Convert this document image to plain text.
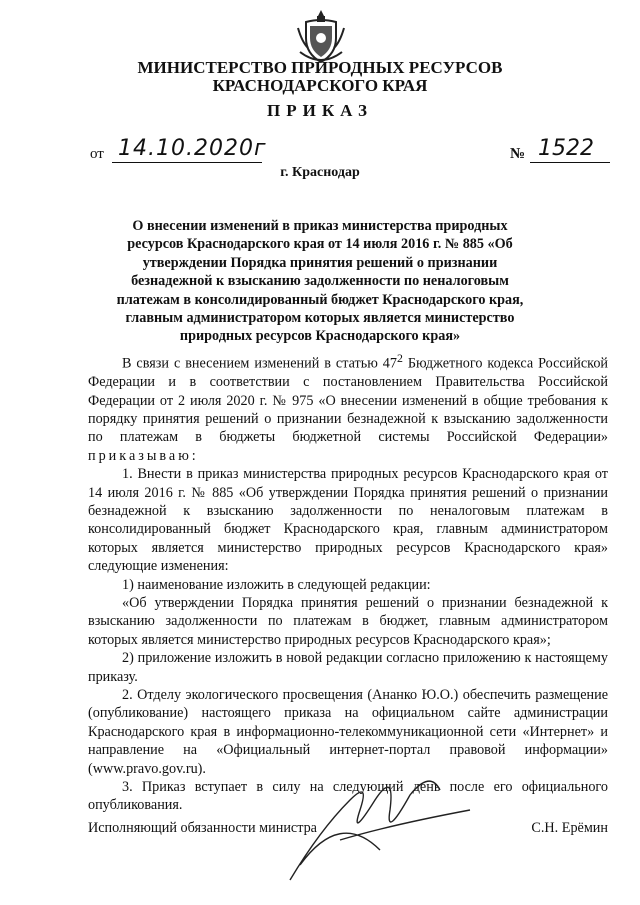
МИНИСТЕРСТВО ПРИРОДНЫХ РЕСУРСОВ
КРАСНОДАРСКОГО КРАЯ
ПРИКАЗ
от 14.10.2020г	№ 1522
г. Краснодар
О внесении изменений в приказ министерства природных ресурсов Краснодарского края от 14 июля 2016 г. № 885 «Об утверждении Порядка принятия решений о признании безнадежной к взысканию задолженности по неналоговым платежам в консолидированный бюджет Краснодарского края, главным администратором которых является министерство природных ресурсов Краснодарского края»

В связи с внесением изменений в статью $47^2$ Бюджетного кодекса Российской Федерации и в соответствии с постановлением Правительства Российской Федерации от 2 июля 2020 г. № 975 «О внесении изменений в общие требования к порядку принятия решений о признании безнадежной к взысканию задолженности по платежам в бюджеты бюджетной системы Российской Федерации» приказываю:

1. Внести в приказ министерства природных ресурсов Краснодарского края от 14 июля 2016 г. № 885 «Об утверждении Порядка принятия решений о признании безнадежной к взысканию задолженности по неналоговым платежам в консолидированный бюджет Краснодарского края, главным администратором которых является министерство природных ресурсов Краснодарского края» следующие изменения:

1) наименование изложить в следующей редакции:

«Об утверждении Порядка принятия решений о признании безнадежной к взысканию задолженности по платежам в бюджет, главным администратором которых является министерство природных ресурсов Краснодарского края»;

2) приложение изложить в новой редакции согласно приложению к настоящему приказу.

2. Отделу экологического просвещения (Ананко Ю.О.) обеспечить размещение (опубликование) настоящего приказа на официальном сайте администрации Краснодарского края в информационно-телекоммуникационной сети «Интернет» и направление на «Официальный интернет-портал правовой информации» (www.pravo.gov.ru).

3. Приказ вступает в силу на следующий день после его официального опубликования.

Исполняющий обязанности министра	С.Н. Ерёмин
